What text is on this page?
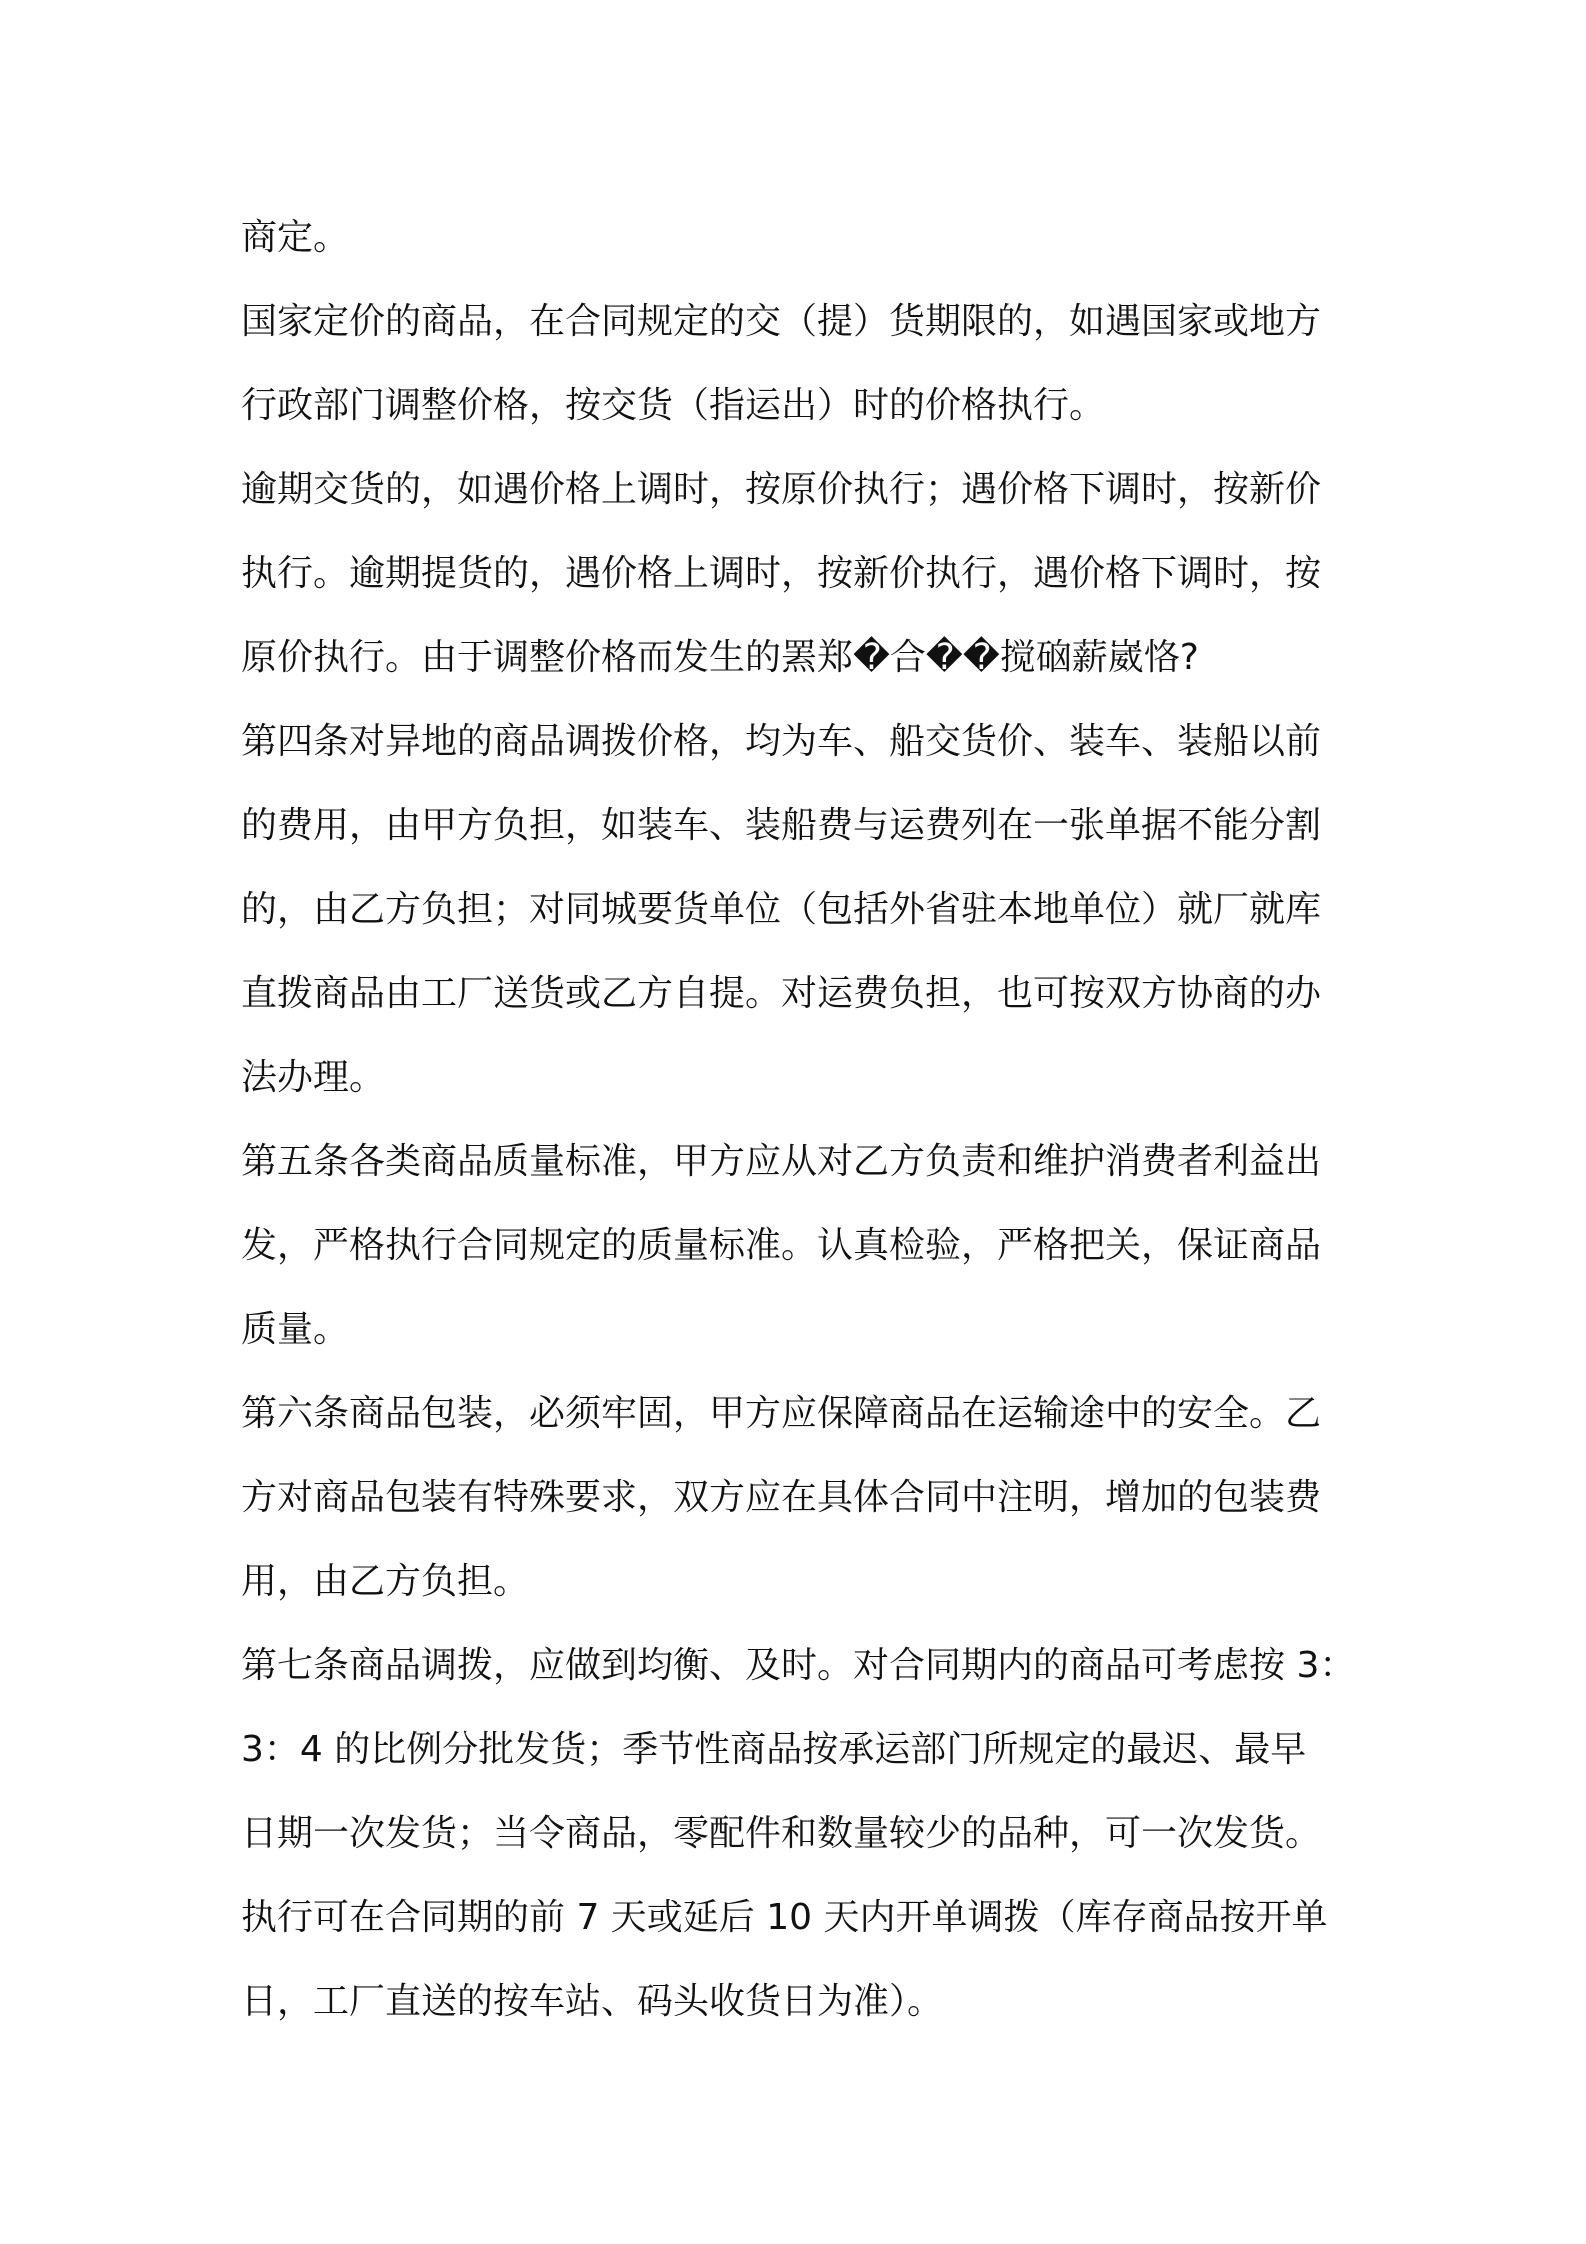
商定。
国家定价的商品，在合同规定的交（提）货期限的，如遇国家或地方
行政部门调整价格，按交货（指运出）时的价格执行。
逾期交货的，如遇价格上调时，按原价执行；遇价格下调时，按新价
执行。逾期提货的，遇价格上调时，按新价执行，遇价格下调时，按
原价执行。由于调整价格而发生的罴郑�合��搅硇薪崴恪?
第四条对异地的商品调拨价格，均为车、船交货价、装车、装船以前
的费用，由甲方负担，如装车、装船费与运费列在一张单据不能分割
的，由乙方负担；对同城要货单位（包括外省驻本地单位）就厂就库
直拨商品由工厂送货或乙方自提。对运费负担，也可按双方协商的办
法办理。
第五条各类商品质量标准，甲方应从对乙方负责和维护消费者利益出
发，严格执行合同规定的质量标准。认真检验，严格把关，保证商品
质量。
第六条商品包装，必须牢固，甲方应保障商品在运输途中的安全。乙
方对商品包装有特殊要求，双方应在具体合同中注明，增加的包装费
用，由乙方负担。
第七条商品调拨，应做到均衡、及时。对合同期内的商品可考虑按 3：
3：4 的比例分批发货；季节性商品按承运部门所规定的最迟、最早
日期一次发货；当令商品，零配件和数量较少的品种，可一次发货。
执行可在合同期的前 7 天或延后 10 天内开单调拨（库存商品按开单
日，工厂直送的按车站、码头收货日为准）。
